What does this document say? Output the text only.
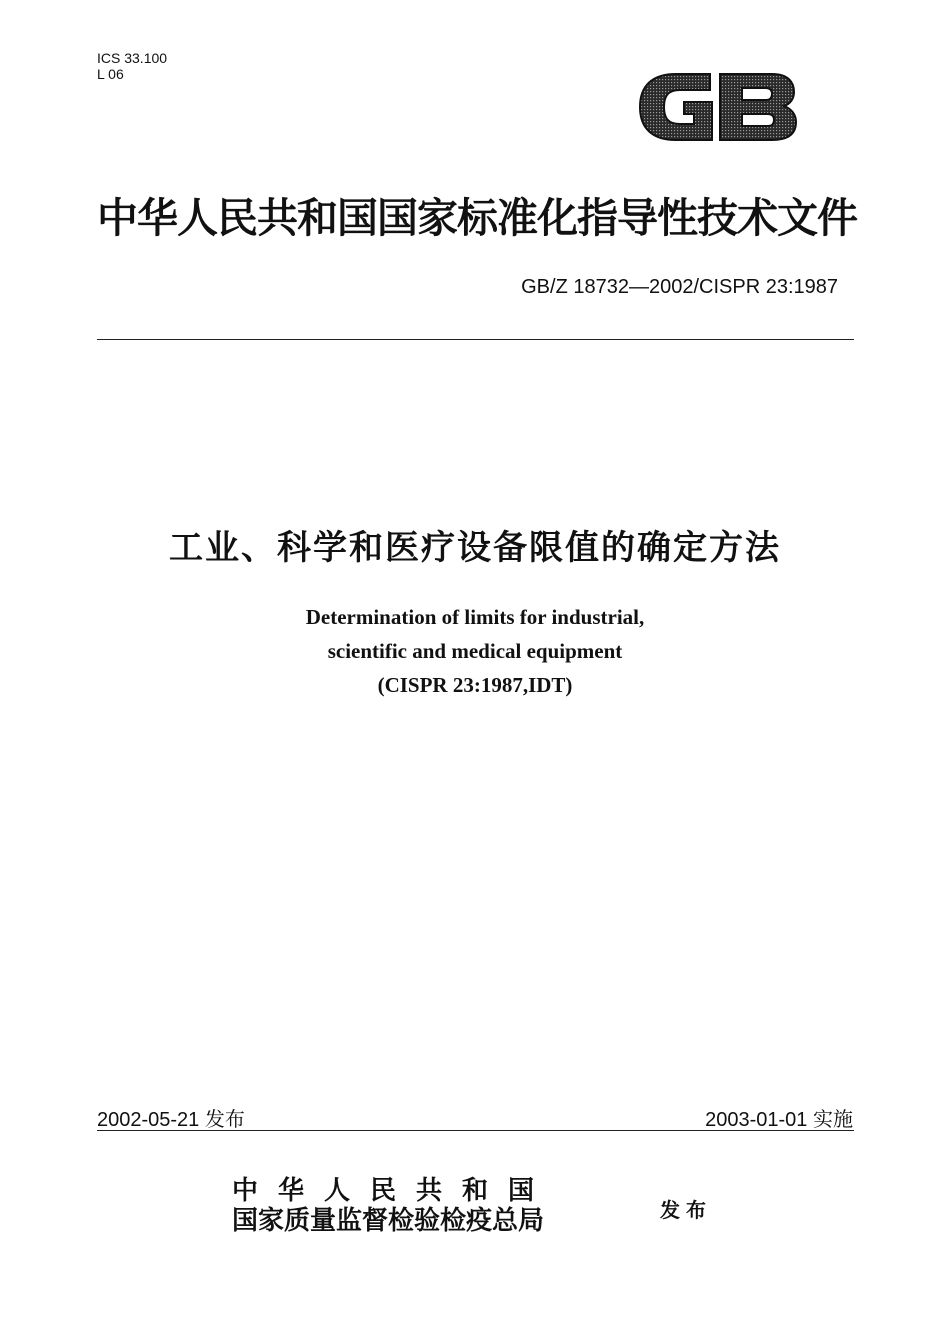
ICS 33.100
L 06
中华人民共和国国家标准化指导性技术文件
GB/Z 18732—2002/CISPR 23:1987
工业、科学和医疗设备限值的确定方法
Determination of limits for industrial,
scientific and medical equipment
(CISPR 23:1987,IDT)
2002-05-21 发布	2003-01-01 实施
中华人民共和国
国家质量监督检验检疫总局	发布
